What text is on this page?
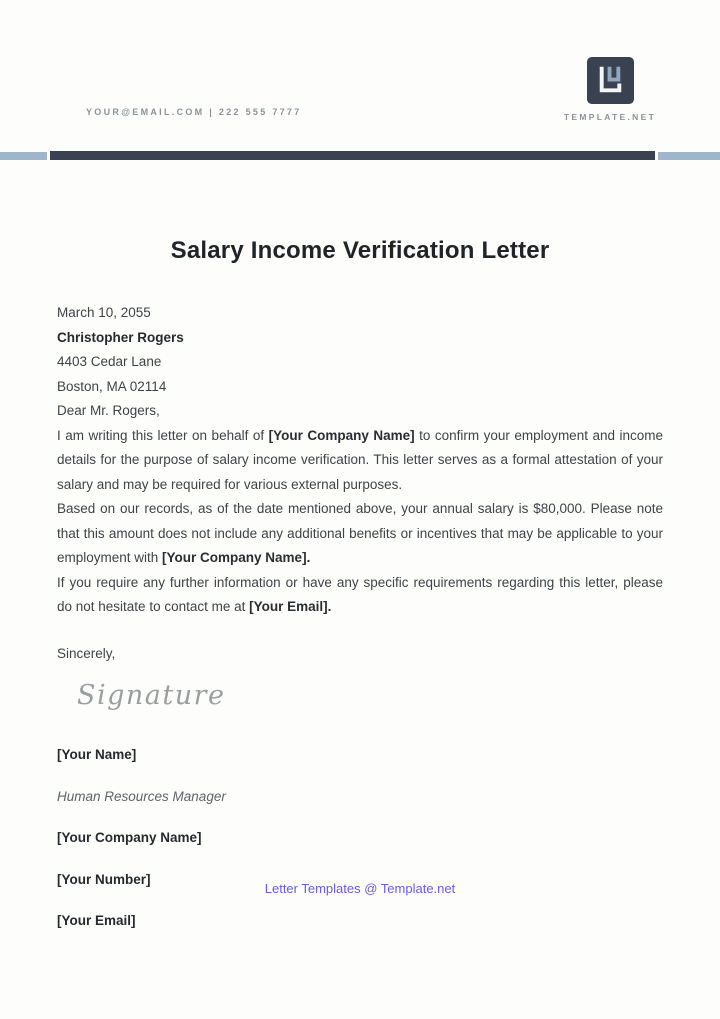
YOUR@EMAIL.COM | 222 555 7777	TEMPLATE.NET
Salary Income Verification Letter
March 10, 2055
Christopher Rogers
4403 Cedar Lane
Boston, MA 02114
Dear Mr. Rogers,

I am writing this letter on behalf of [Your Company Name] to confirm your employment and income details for the purpose of salary income verification. This letter serves as a formal attestation of your salary and may be required for various external purposes.

Based on our records, as of the date mentioned above, your annual salary is $80,000. Please note that this amount does not include any additional benefits or incentives that may be applicable to your employment with [Your Company Name].

If you require any further information or have any specific requirements regarding this letter, please do not hesitate to contact me at [Your Email].

Sincerely,
Signature
[Your Name]
Human Resources Manager
[Your Company Name]
[Your Number]
[Your Email]
Letter Templates @ Template.net
